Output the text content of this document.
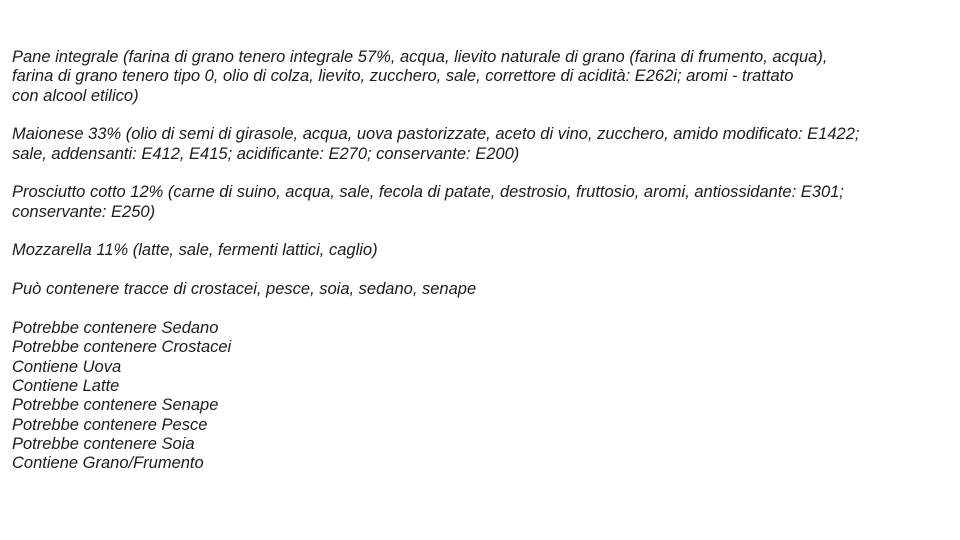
Pane integrale (farina di grano tenero integrale 57%, acqua, lievito naturale di grano (farina di frumento, acqua),
farina di grano tenero tipo 0, olio di colza, lievito, zucchero, sale, correttore di acidità: E262i; aromi - trattato
con alcool etilico)

Maionese 33% (olio di semi di girasole, acqua, uova pastorizzate, aceto di vino, zucchero, amido modificato: E1422;
sale, addensanti: E412, E415; acidificante: E270; conservante: E200)

Prosciutto cotto 12% (carne di suino, acqua, sale, fecola di patate, destrosio, fruttosio, aromi, antiossidante: E301;
conservante: E250)

Mozzarella 11% (latte, sale, fermenti lattici, caglio)

Può contenere tracce di crostacei, pesce, soia, sedano, senape

Potrebbe contenere Sedano
Potrebbe contenere Crostacei
Contiene Uova
Contiene Latte
Potrebbe contenere Senape
Potrebbe contenere Pesce
Potrebbe contenere Soia
Contiene Grano/Frumento
